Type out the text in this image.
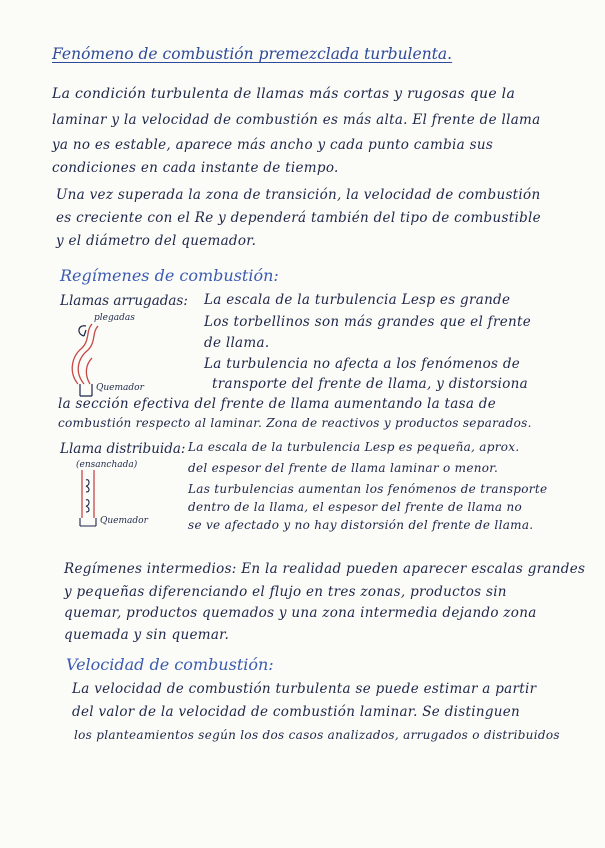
Fenómeno de combustión premezclada turbulenta.
La condición turbulenta de llamas más cortas y rugosas que la
laminar y la velocidad de combustión es más alta. El frente de llama
ya no es estable, aparece más ancho y cada punto cambia sus
condiciones en cada instante de tiempo.
Una vez superada la zona de transición, la velocidad de combustión
es creciente con el Re y dependerá también del tipo de combustible
y el diámetro del quemador.
Regímenes de combustión:
Llamas arrugadas:
plegadas
Quemador
La escala de la turbulencia Lesp es grande
Los torbellinos son más grandes que el frente
de llama.
La turbulencia no afecta a los fenómenos de
transporte del frente de llama, y distorsiona
la sección efectiva del frente de llama aumentando la tasa de
combustión respecto al laminar. Zona de reactivos y productos separados.
Llama distribuida:
(ensanchada)
Quemador
La escala de la turbulencia Lesp es pequeña, aprox.
del espesor del frente de llama laminar o menor.
Las turbulencias aumentan los fenómenos de transporte
dentro de la llama, el espesor del frente de llama no
se ve afectado y no hay distorsión del frente de llama.
Regímenes intermedios: En la realidad pueden aparecer escalas grandes
y pequeñas diferenciando el flujo en tres zonas, productos sin
quemar, productos quemados y una zona intermedia dejando zona
quemada y sin quemar.
Velocidad de combustión:
La velocidad de combustión turbulenta se puede estimar a partir
del valor de la velocidad de combustión laminar. Se distinguen
los planteamientos según los dos casos analizados, arrugados o distribuidos
